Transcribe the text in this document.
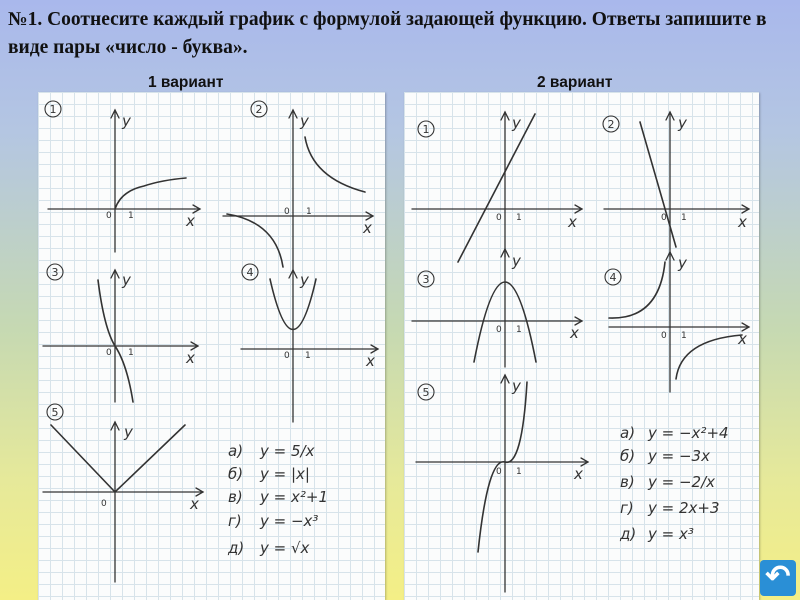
№1. Соотнесите каждый график с формулой задающей функцию. Ответы запишите в виде пары «число - буква».
1 вариант	2 вариант
1	2
3	4
5
x
y
x
y
x
y
x
y
x
y
0 1	0 1
0 1	0 1
0
а) y = 5/x
б) y = |x|
в) y = x²+1
г) y = −x³
д) y = √x
1	2
3	4
5
x
y
x
y
x
y
x
y
x
y
0 1	0 1
0 1
0 1
0 1
а) y = −x²+4
б) y = −3x
в) y = −2/x
г) y = 2x+3
д) y = x³
↶
